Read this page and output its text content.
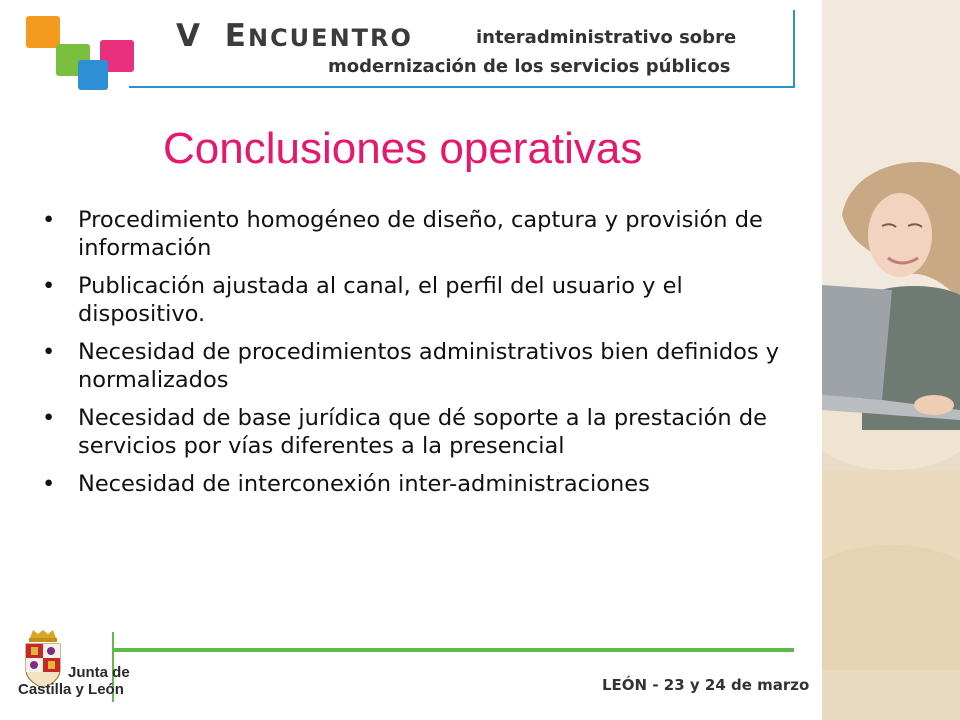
V ENCUENTRO	interadministrativo sobre
modernización de los servicios públicos
Conclusiones operativas
• Procedimiento homogéneo de diseño, captura y provisión de información
• Publicación ajustada al canal, el perfil del usuario y el dispositivo.
• Necesidad de procedimientos administrativos bien definidos y normalizados
• Necesidad de base jurídica que dé soporte a la prestación de servicios por vías diferentes a la presencial
• Necesidad de interconexión inter-administraciones
Junta de
Castilla y León	LEÓN - 23 y 24 de marzo
